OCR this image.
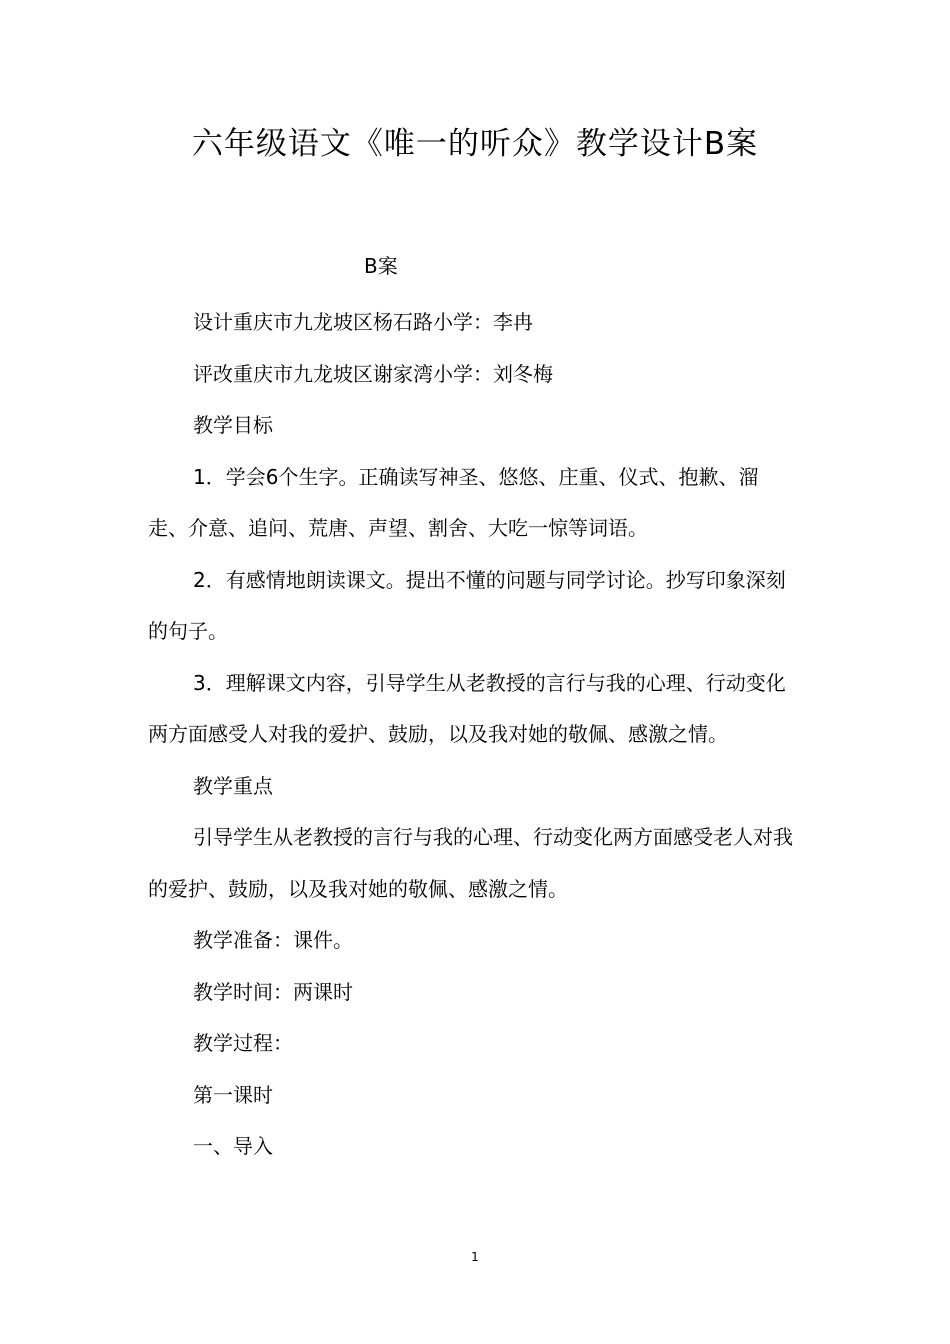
六年级语文《唯一的听众》教学设计B案
B案

设计重庆市九龙坡区杨石路小学：李冉

评改重庆市九龙坡区谢家湾小学：刘冬梅

教学目标

1．学会6个生字。正确读写神圣、悠悠、庄重、仪式、抱歉、溜走、介意、追问、荒唐、声望、割舍、大吃一惊等词语。

2．有感情地朗读课文。提出不懂的问题与同学讨论。抄写印象深刻的句子。

3．理解课文内容，引导学生从老教授的言行与我的心理、行动变化两方面感受人对我的爱护、鼓励，以及我对她的敬佩、感激之情。

教学重点

引导学生从老教授的言行与我的心理、行动变化两方面感受老人对我的爱护、鼓励，以及我对她的敬佩、感激之情。

教学准备：课件。

教学时间：两课时

教学过程：

第一课时

一、导入

1
